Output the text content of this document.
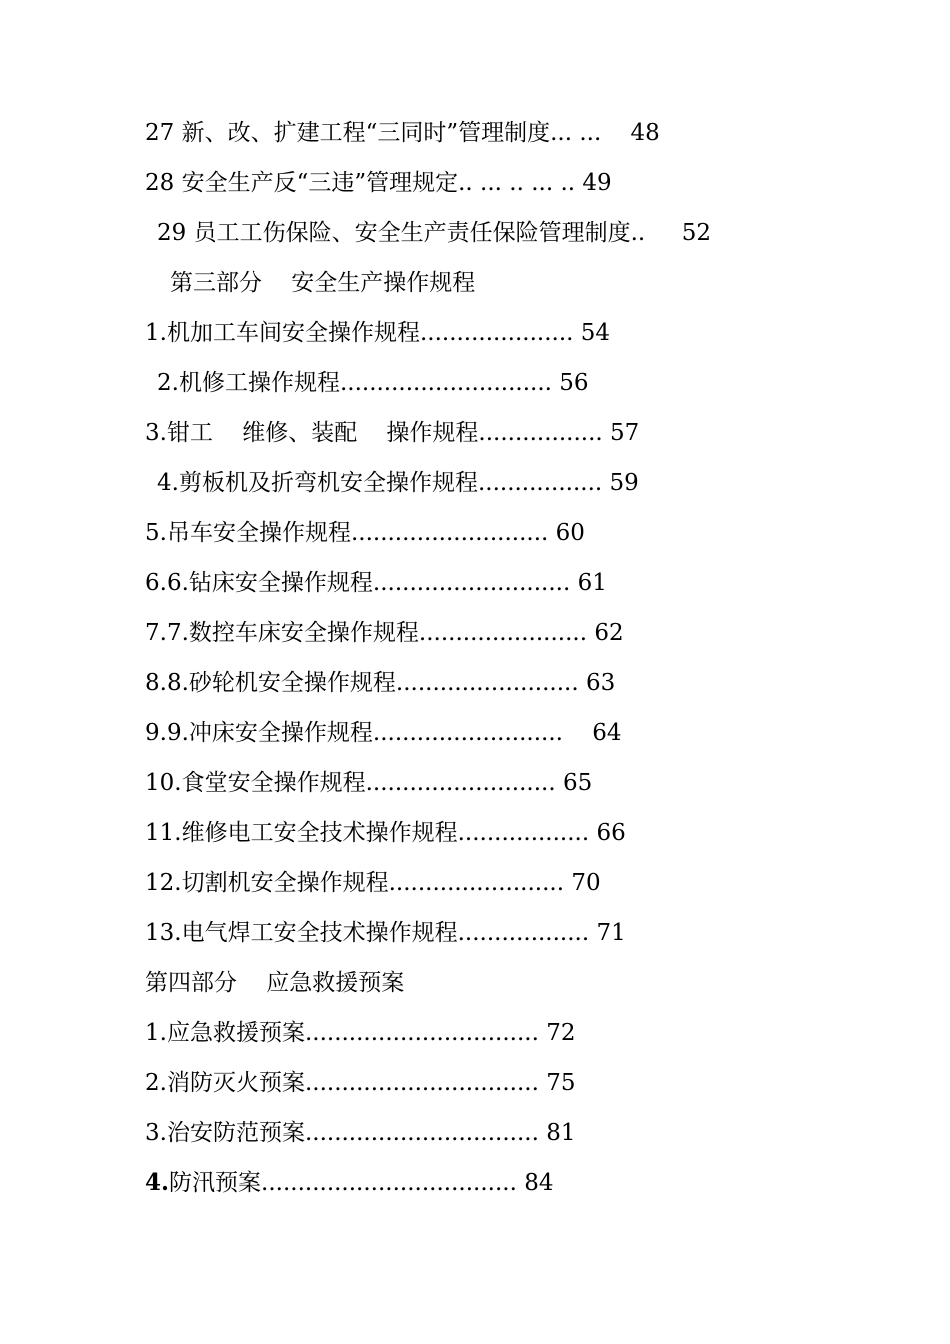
27 新、改、扩建工程“三同时”管理制度... ...    48
28 安全生产反“三违”管理规定.. ... .. ... .. 49
29 员工工伤保险、安全生产责任保险管理制度..     52
第三部分    安全生产操作规程
1.机加工车间安全操作规程..................... 54
2.机修工操作规程............................. 56
3.钳工    维修、装配    操作规程................. 57
4.剪板机及折弯机安全操作规程................. 59
5.吊车安全操作规程........................... 60
6.6.钻床安全操作规程........................... 61
7.7.数控车床安全操作规程....................... 62
8.8.砂轮机安全操作规程......................... 63
9.9.冲床安全操作规程..........................    64
10.食堂安全操作规程.......................... 65
11.维修电工安全技术操作规程.................. 66
12.切割机安全操作规程........................ 70
13.电气焊工安全技术操作规程.................. 71
第四部分    应急救援预案
1.应急救援预案................................ 72
2.消防灭火预案................................ 75
3.治安防范预案................................ 81
4.防汛预案................................... 84
